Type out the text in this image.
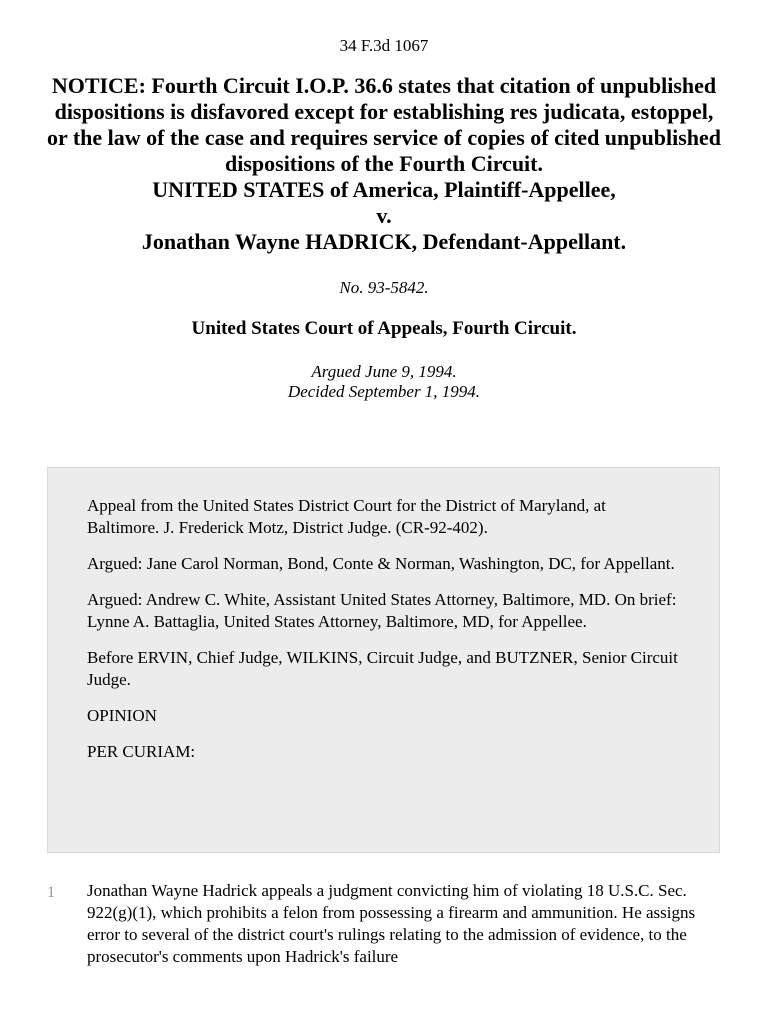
34 F.3d 1067
NOTICE: Fourth Circuit I.O.P. 36.6 states that citation of unpublished dispositions is disfavored except for establishing res judicata, estoppel, or the law of the case and requires service of copies of cited unpublished dispositions of the Fourth Circuit.
UNITED STATES of America, Plaintiff-Appellee,
v.
Jonathan Wayne HADRICK, Defendant-Appellant.
No. 93-5842.
United States Court of Appeals, Fourth Circuit.
Argued June 9, 1994.
Decided September 1, 1994.

Appeal from the United States District Court for the District of Maryland, at Baltimore. J. Frederick Motz, District Judge. (CR-92-402).

Argued: Jane Carol Norman, Bond, Conte & Norman, Washington, DC, for Appellant.

Argued: Andrew C. White, Assistant United States Attorney, Baltimore, MD. On brief: Lynne A. Battaglia, United States Attorney, Baltimore, MD, for Appellee.

Before ERVIN, Chief Judge, WILKINS, Circuit Judge, and BUTZNER, Senior Circuit Judge.

OPINION

PER CURIAM:

1 Jonathan Wayne Hadrick appeals a judgment convicting him of violating 18 U.S.C. Sec. 922(g)(1), which prohibits a felon from possessing a firearm and ammunition. He assigns error to several of the district court's rulings relating to the admission of evidence, to the prosecutor's comments upon Hadrick's failure
